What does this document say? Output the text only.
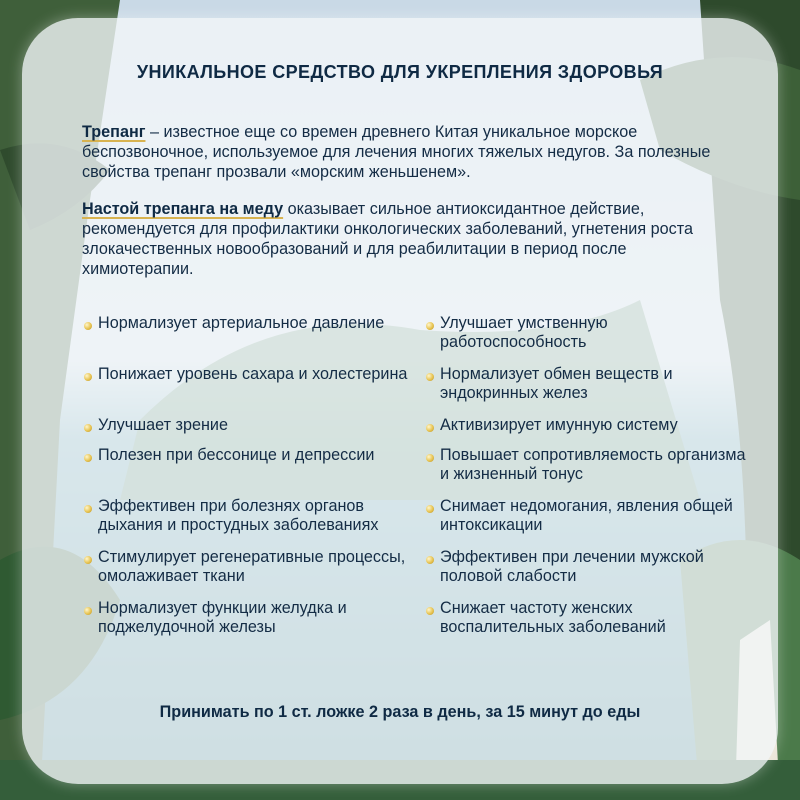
УНИКАЛЬНОЕ СРЕДСТВО ДЛЯ УКРЕПЛЕНИЯ ЗДОРОВЬЯ

Трепанг – известное еще со времен древнего Китая уникальное морское беспозвоночное, используемое для лечения многих тяжелых недугов. За полезные свойства трепанг прозвали «морским женьшенем».

Настой трепанга на меду оказывает сильное антиоксидантное действие, рекомендуется для профилактики онкологических заболеваний, угнетения роста злокачественных новообразований и для реабилитации в период после химиотерапии.

Нормализует артериальное давление
Понижает уровень сахара и холестерина
Улучшает зрение
Полезен при бессонице и депрессии
Эффективен при болезнях органов дыхания и простудных заболеваниях
Стимулирует регенеративные процессы, омолаживает ткани
Нормализует функции желудка и поджелудочной железы
Улучшает умственную работоспособность
Нормализует обмен веществ и эндокринных желез
Активизирует имунную систему
Повышает сопротивляемость организма и жизненный тонус
Снимает недомогания, явления общей интоксикации
Эффективен при лечении мужской половой слабости
Снижает частоту женских воспалительных заболеваний
Принимать по 1 ст. ложке 2 раза в день, за 15 минут до еды
